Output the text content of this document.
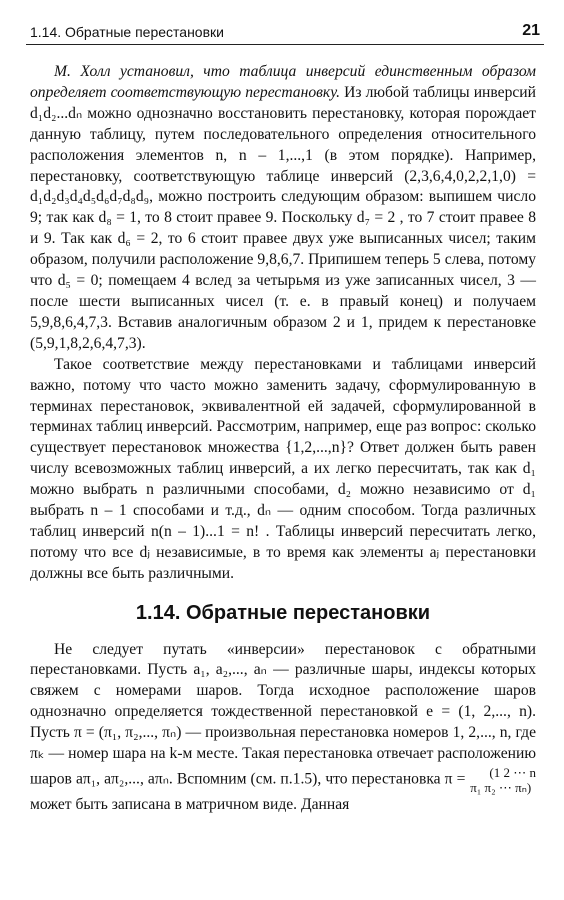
1.14. Обратные перестановки	21

М. Холл установил, что таблица инверсий единственным образом определяет соответствующую перестановку. Из любой таблицы инверсий d₁d₂...dₙ можно однозначно восстановить перестановку, которая порождает данную таблицу, путем последовательного определения относительного расположения элементов n, n – 1,...,1 (в этом порядке). Например, перестановку, соответствующую таблице инверсий (2,3,6,4,0,2,2,1,0) = d₁d₂d₃d₄d₅d₆d₇d₈d₉, можно построить следующим образом: выпишем число 9; так как d₈ = 1, то 8 стоит правее 9. Поскольку d₇ = 2 , то 7 стоит правее 8 и 9. Так как d₆ = 2, то 6 стоит правее двух уже выписанных чисел; таким образом, получили расположение 9,8,6,7. Припишем теперь 5 слева, потому что d₅ = 0; помещаем 4 вслед за четырьмя из уже записанных чисел, 3 — после шести выписанных чисел (т. е. в правый конец) и получаем 5,9,8,6,4,7,3. Вставив аналогичным образом 2 и 1, придем к перестановке (5,9,1,8,2,6,4,7,3).

Такое соответствие между перестановками и таблицами инверсий важно, потому что часто можно заменить задачу, сформулированную в терминах перестановок, эквивалентной ей задачей, сформулированной в терминах таблиц инверсий. Рассмотрим, например, еще раз вопрос: сколько существует перестановок множества {1,2,...,n}? Ответ должен быть равен числу всевозможных таблиц инверсий, а их легко пересчитать, так как d₁ можно выбрать n различными способами, d₂ можно независимо от d₁ выбрать n – 1 способами и т.д., dₙ — одним способом. Тогда различных таблиц инверсий n(n – 1)...1 = n! . Таблицы инверсий пересчитать легко, потому что все dⱼ независимые, в то время как элементы aⱼ перестановки должны все быть различными.

1.14. Обратные перестановки

Не следует путать «инверсии» перестановок с обратными перестановками. Пусть a₁, a₂,..., aₙ — различные шары, индексы которых свяжем с номерами шаров. Тогда исходное расположение шаров однозначно определяется тождественной перестановкой e = (1, 2,..., n). Пусть π = (π₁, π₂,..., πₙ) — произвольная перестановка номеров 1, 2,..., n, где πₖ — номер шара на k-м месте. Такая перестановка отвечает расположению шаров aπ₁, aπ₂,..., aπₙ. Вспомним (см. п.1.5), что перестановка π = (1 2 ⋯ n
π₁ π₂ ⋯ πₙ) может быть записана в матричном виде. Данная
